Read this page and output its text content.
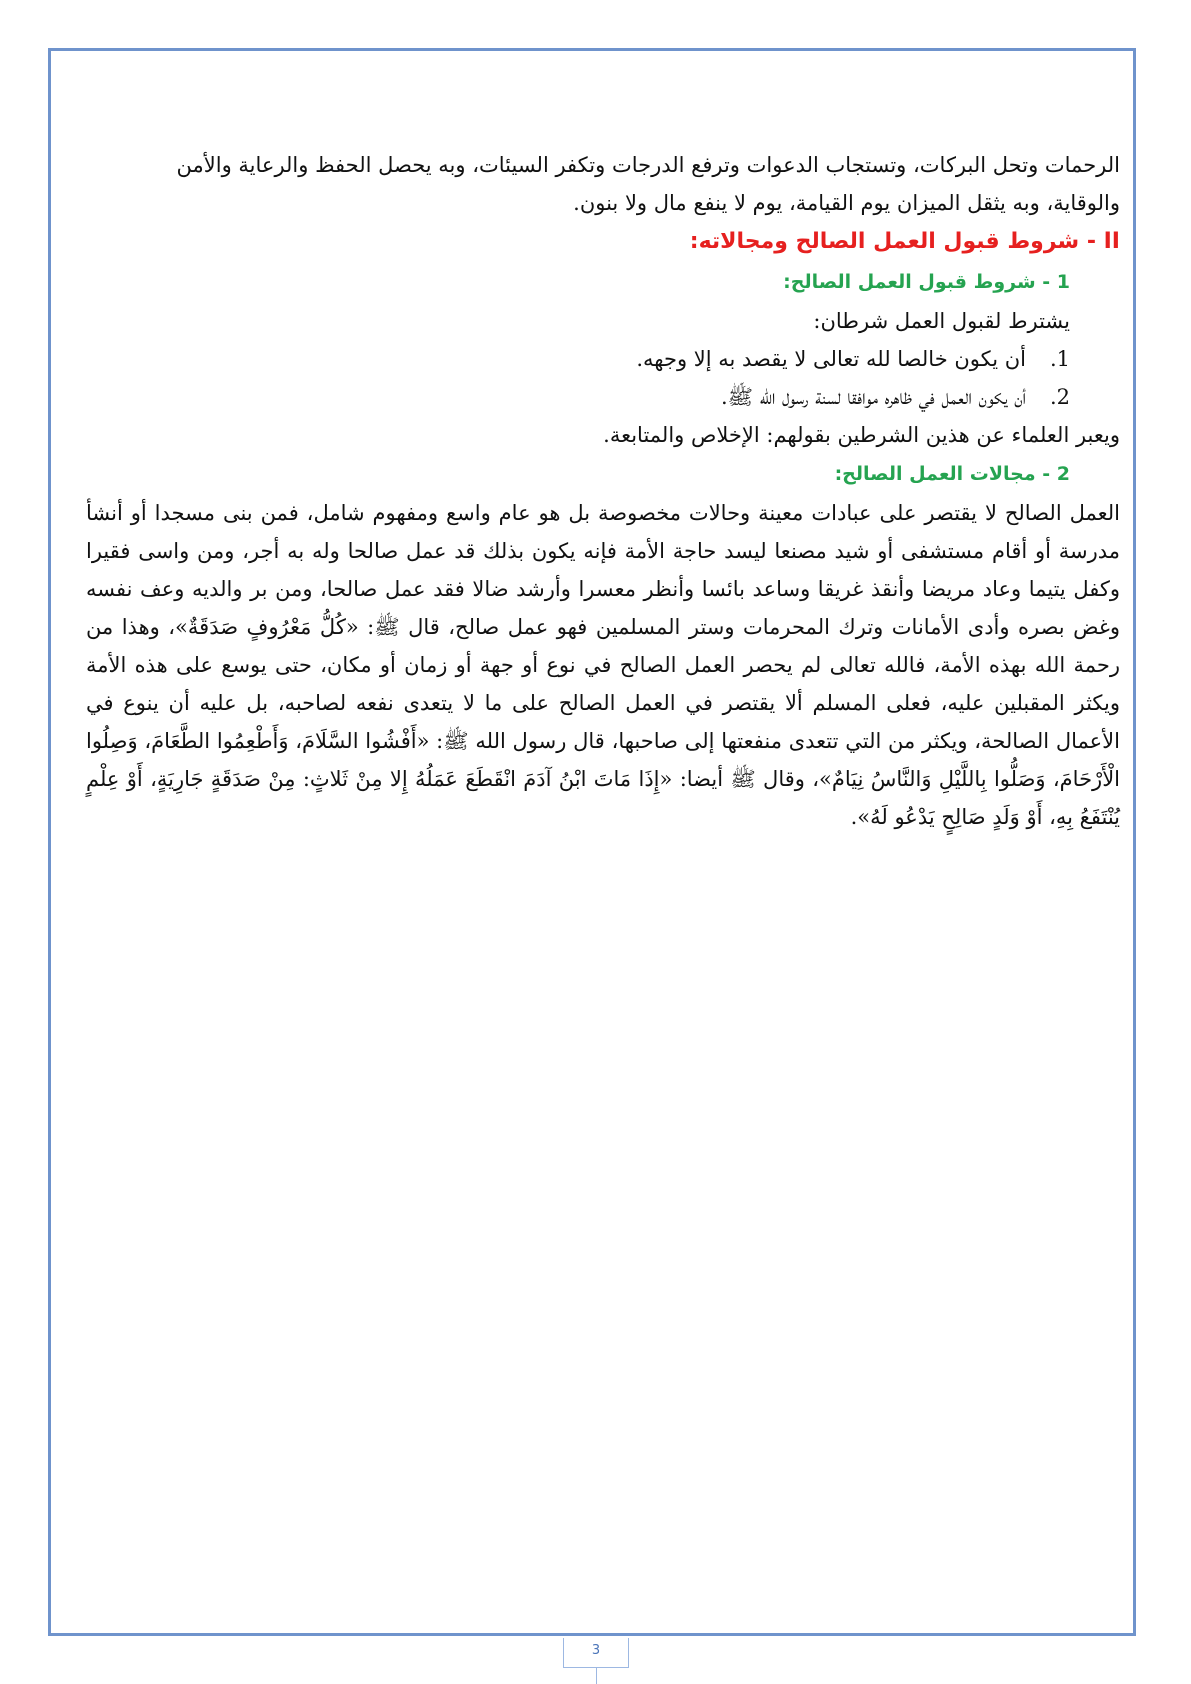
الرحمات وتحل البركات، وتستجاب الدعوات وترفع الدرجات وتكفر السيئات، وبه يحصل الحفظ والرعاية والأمن

والوقاية، وبه يثقل الميزان يوم القيامة، يوم لا ينفع مال ولا بنون.

II - شروط قبول العمل الصالح ومجالاته:
1 - شروط قبول العمل الصالح:

يشترط لقبول العمل شرطان:

1.
أن يكون خالصا لله تعالى لا يقصد به إلا وجهه.
2.
أن يكون العمل في ظاهره موافقا لسنة رسول الله ﷺ.

ويعبر العلماء عن هذين الشرطين بقولهم: الإخلاص والمتابعة.

2 - مجالات العمل الصالح:

العمل الصالح لا يقتصر على عبادات معينة وحالات مخصوصة بل هو عام واسع ومفهوم شامل، فمن بنى مسجدا أو أنشأ مدرسة أو أقام مستشفى أو شيد مصنعا ليسد حاجة الأمة فإنه يكون بذلك قد عمل صالحا وله به أجر، ومن واسى فقيرا وكفل يتيما وعاد مريضا وأنقذ غريقا وساعد بائسا وأنظر معسرا وأرشد ضالا فقد عمل صالحا، ومن بر والديه وعف نفسه وغض بصره وأدى الأمانات وترك المحرمات وستر المسلمين فهو عمل صالح، قال ﷺ: «كُلُّ مَعْرُوفٍ صَدَقَةٌ»، وهذا من رحمة الله بهذه الأمة، فالله تعالى لم يحصر العمل الصالح في نوع أو جهة أو زمان أو مكان، حتى يوسع على هذه الأمة ويكثر المقبلين عليه، فعلى المسلم ألا يقتصر في العمل الصالح على ما لا يتعدى نفعه لصاحبه، بل عليه أن ينوع في الأعمال الصالحة، ويكثر من التي تتعدى منفعتها إلى صاحبها، قال رسول الله ﷺ: «أَفْشُوا السَّلَامَ، وَأَطْعِمُوا الطَّعَامَ، وَصِلُوا الْأَرْحَامَ، وَصَلُّوا بِاللَّيْلِ وَالنَّاسُ نِيَامٌ»، وقال ﷺ أيضا: «إِذَا مَاتَ ابْنُ آدَمَ انْقَطَعَ عَمَلُهُ إِلا مِنْ ثَلاثٍ: مِنْ صَدَقَةٍ جَارِيَةٍ، أَوْ عِلْمٍ يُنْتَفَعُ بِهِ، أَوْ وَلَدٍ صَالِحٍ يَدْعُو لَهُ».

3
